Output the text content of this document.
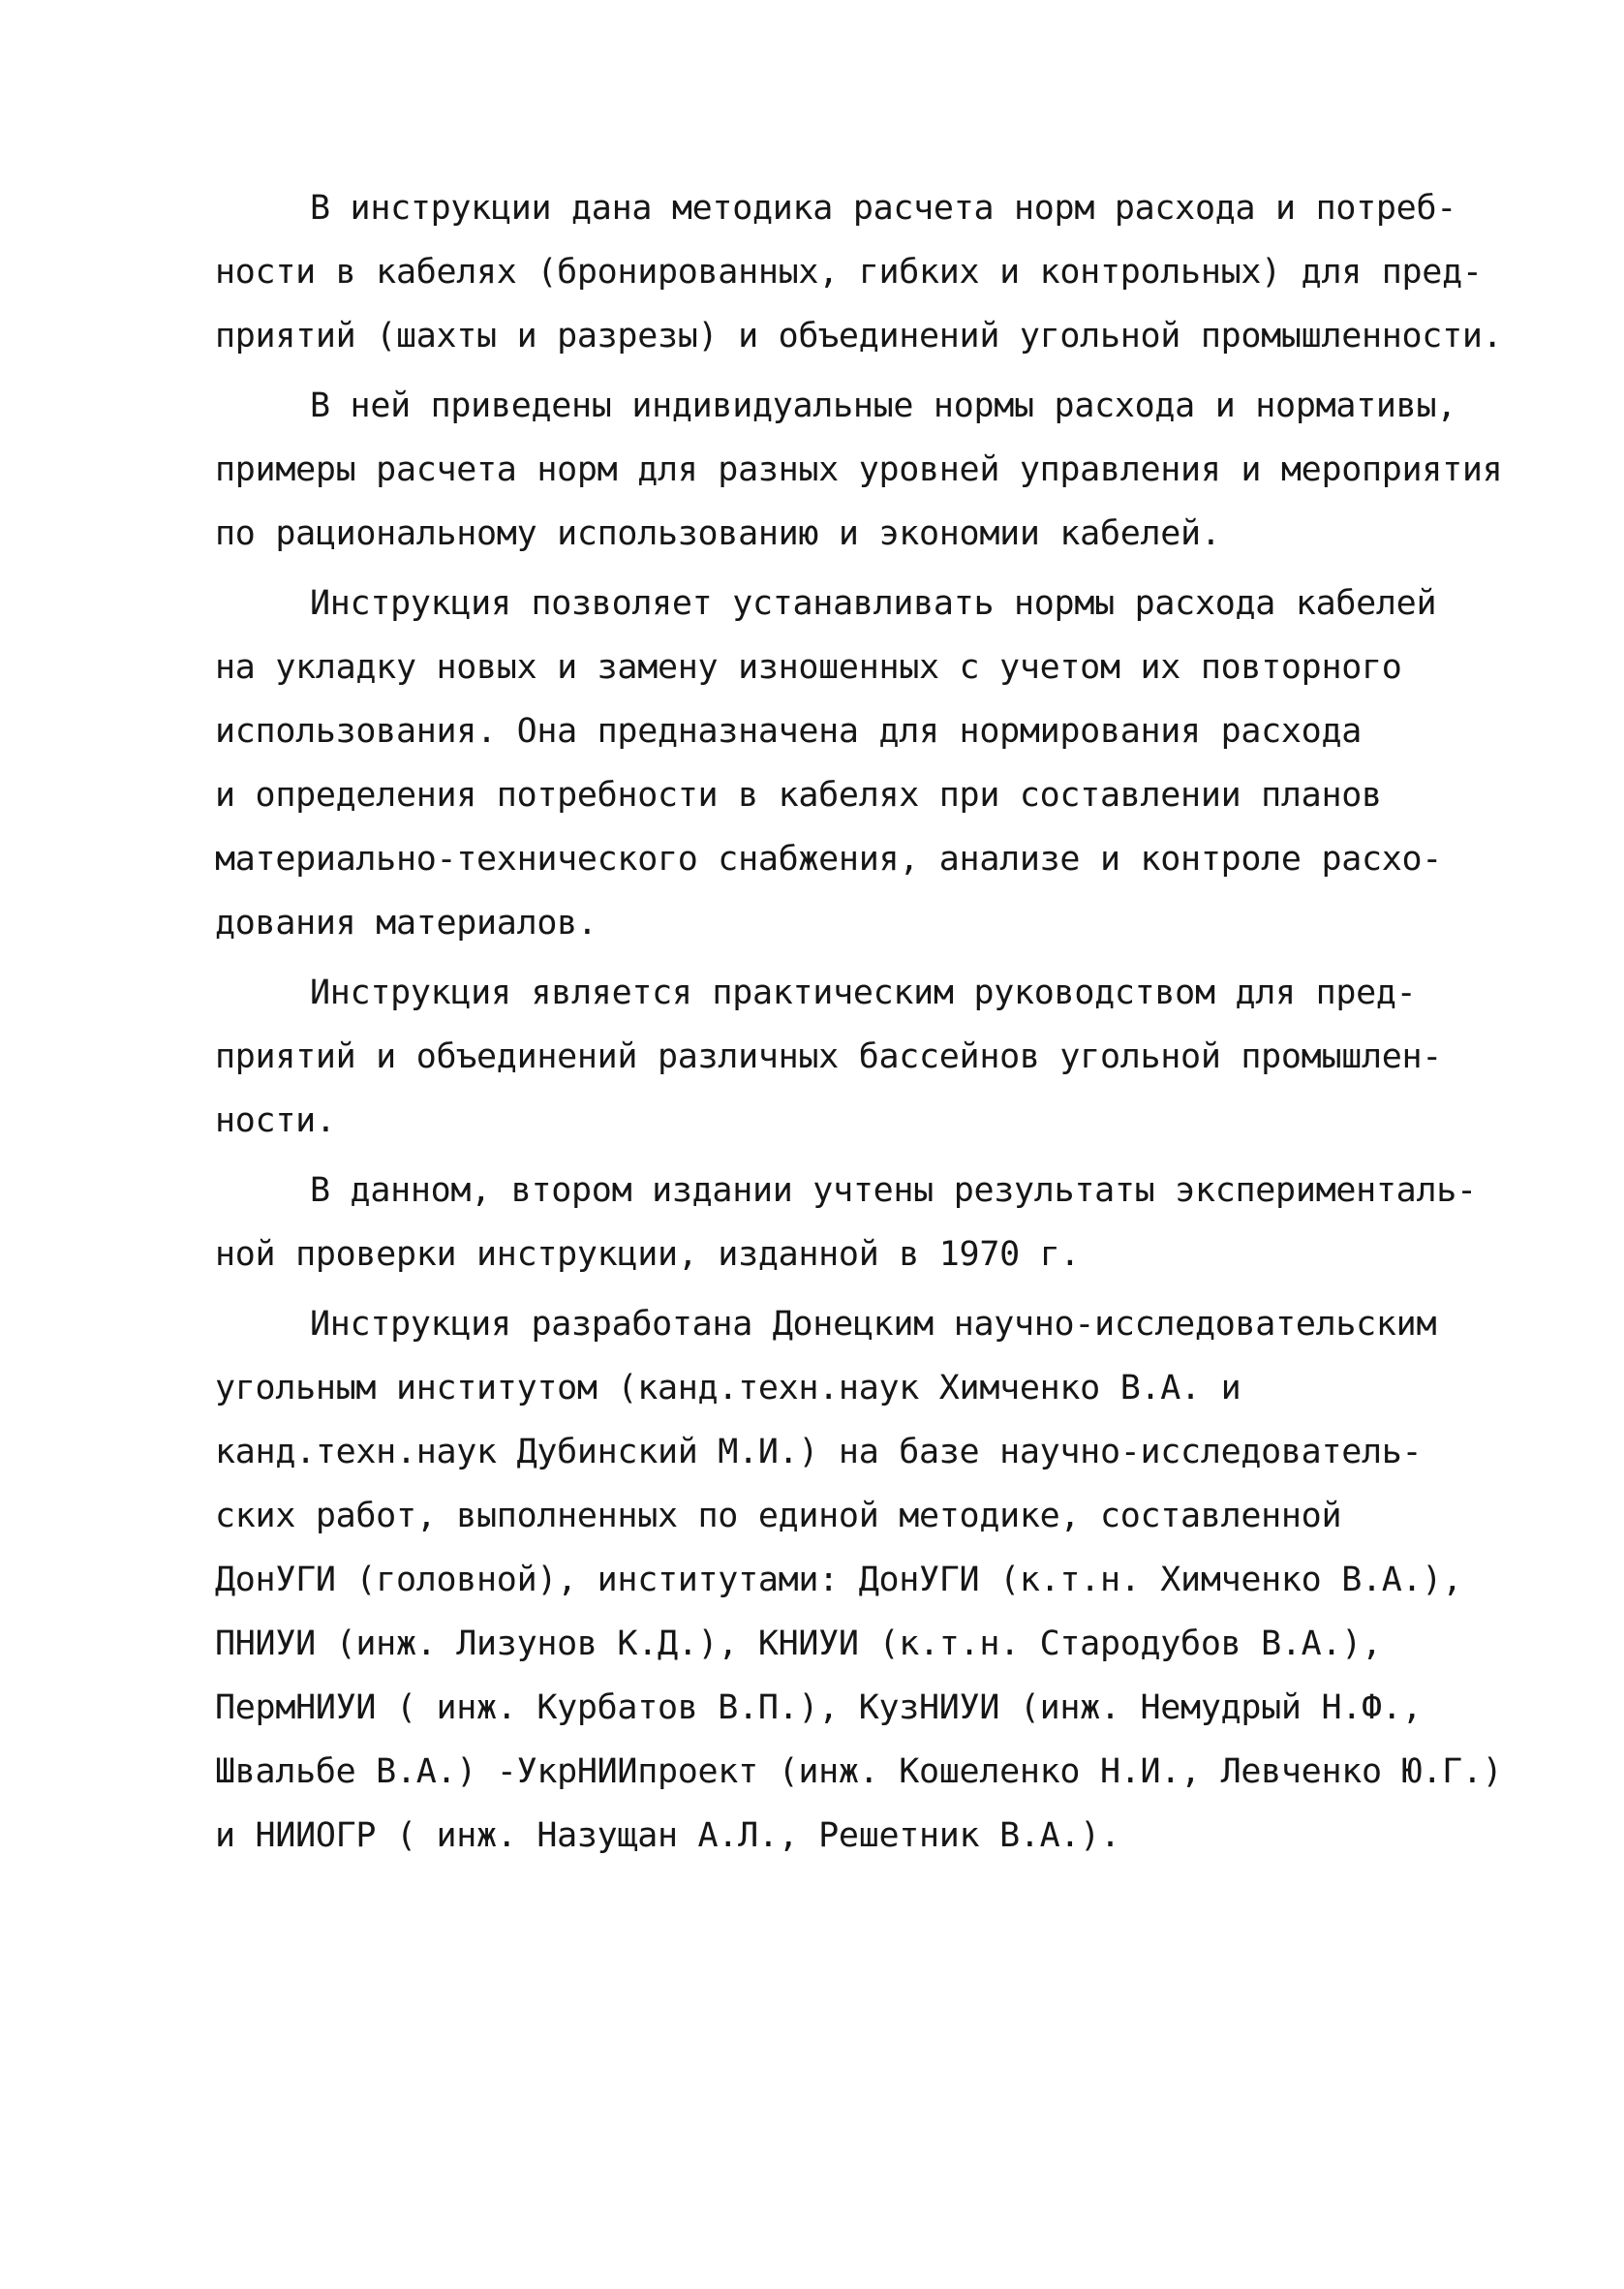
В инструкции дана методика расчета норм расхода и потреб-
ности в кабелях (бронированных, гибких и контрольных) для пред-
приятий (шахты и разрезы) и объединений угольной промышленности.
В ней приведены индивидуальные нормы расхода и нормативы,
примеры расчета норм для разных уровней управления и мероприятия
по рациональному использованию и экономии кабелей.
Инструкция позволяет устанавливать нормы расхода кабелей
на укладку новых и замену изношенных с учетом их повторного
использования. Она предназначена для нормирования расхода
и определения потребности в кабелях при составлении планов
материально-технического снабжения, анализе и контроле расхо-
дования материалов.
Инструкция является практическим руководством для пред-
приятий и объединений различных бассейнов угольной промышлен-
ности.
В данном, втором издании учтены результаты эксперименталь-
ной проверки инструкции, изданной в 1970 г.
Инструкция разработана Донецким научно-исследовательским
угольным институтом (канд.техн.наук Химченко В.А. и
канд.техн.наук Дубинский М.И.) на базе научно-исследователь-
ских работ, выполненных по единой методике, составленной
ДонУГИ (головной), институтами: ДонУГИ (к.т.н. Химченко В.А.),
ПНИУИ (инж. Лизунов К.Д.), КНИУИ (к.т.н. Стародубов В.А.),
ПермНИУИ ( инж. Курбатов В.П.), КузНИУИ (инж. Немудрый Н.Ф.,
Швальбе В.А.) -УкрНИИпроект (инж. Кошеленко Н.И., Левченко Ю.Г.)
и НИИОГР ( инж. Назущан А.Л., Решетник В.А.).
